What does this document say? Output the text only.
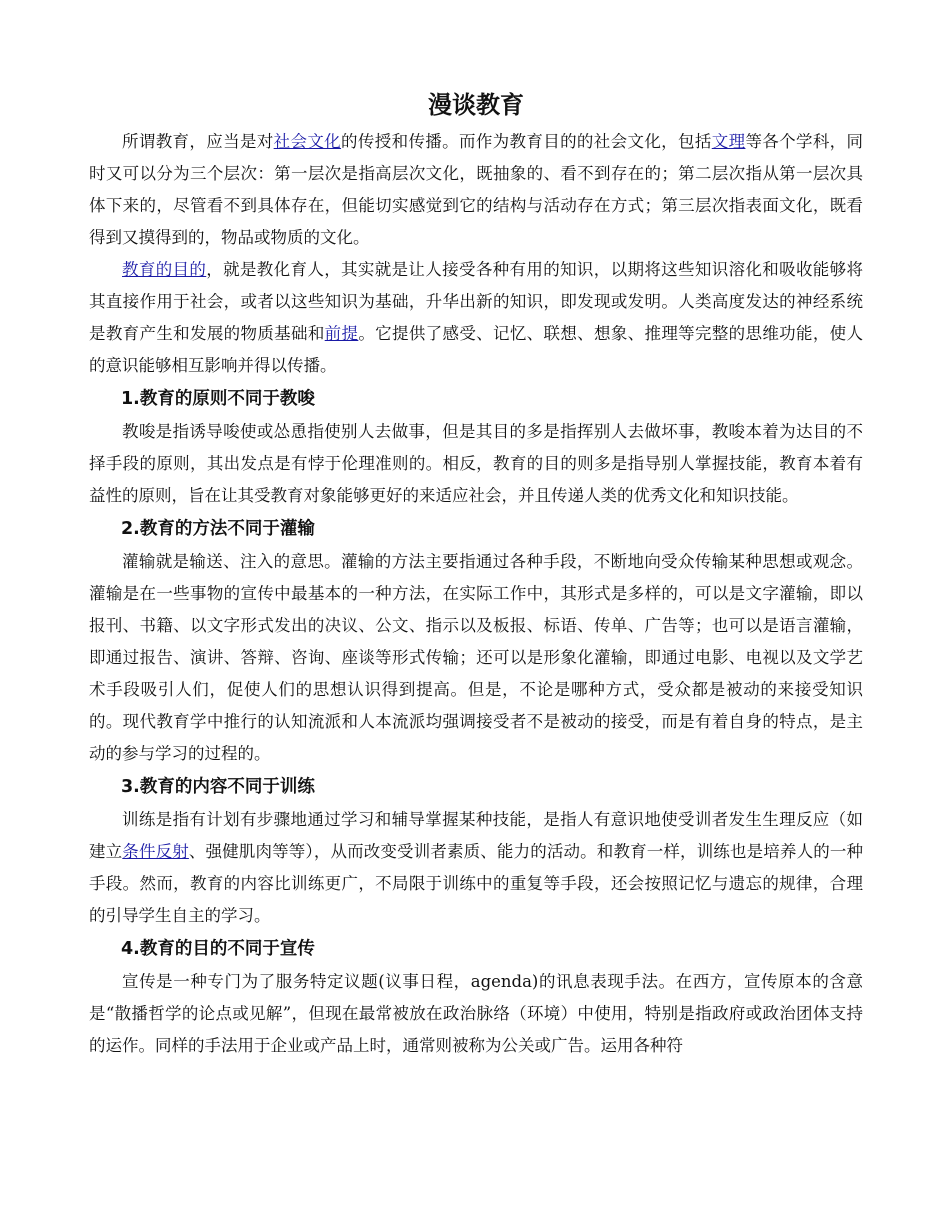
漫谈教育

所谓教育，应当是对社会文化的传授和传播。而作为教育目的的社会文化，包括文理等各个学科，同时又可以分为三个层次：第一层次是指高层次文化，既抽象的、看不到存在的；第二层次指从第一层次具体下来的，尽管看不到具体存在，但能切实感觉到它的结构与活动存在方式；第三层次指表面文化，既看得到又摸得到的，物品或物质的文化。

教育的目的，就是教化育人，其实就是让人接受各种有用的知识，以期将这些知识溶化和吸收能够将其直接作用于社会，或者以这些知识为基础，升华出新的知识，即发现或发明。人类高度发达的神经系统是教育产生和发展的物质基础和前提。它提供了感受、记忆、联想、想象、推理等完整的思维功能，使人的意识能够相互影响并得以传播。

1.教育的原则不同于教唆

教唆是指诱导唆使或怂恿指使别人去做事，但是其目的多是指挥别人去做坏事，教唆本着为达目的不择手段的原则，其出发点是有悖于伦理准则的。相反，教育的目的则多是指导别人掌握技能，教育本着有益性的原则，旨在让其受教育对象能够更好的来适应社会，并且传递人类的优秀文化和知识技能。

2.教育的方法不同于灌输

灌输就是输送、注入的意思。灌输的方法主要指通过各种手段，不断地向受众传输某种思想或观念。灌输是在一些事物的宣传中最基本的一种方法，在实际工作中，其形式是多样的，可以是文字灌输，即以报刊、书籍、以文字形式发出的决议、公文、指示以及板报、标语、传单、广告等；也可以是语言灌输，即通过报告、演讲、答辩、咨询、座谈等形式传输；还可以是形象化灌输，即通过电影、电视以及文学艺术手段吸引人们，促使人们的思想认识得到提高。但是，不论是哪种方式，受众都是被动的来接受知识的。现代教育学中推行的认知流派和人本流派均强调接受者不是被动的接受，而是有着自身的特点，是主动的参与学习的过程的。

3.教育的内容不同于训练

训练是指有计划有步骤地通过学习和辅导掌握某种技能，是指人有意识地使受训者发生生理反应（如建立条件反射、强健肌肉等等），从而改变受训者素质、能力的活动。和教育一样，训练也是培养人的一种手段。然而，教育的内容比训练更广，不局限于训练中的重复等手段，还会按照记忆与遗忘的规律，合理的引导学生自主的学习。

4.教育的目的不同于宣传

宣传是一种专门为了服务特定议题(议事日程，agenda)的讯息表现手法。在西方，宣传原本的含意是“散播哲学的论点或见解”，但现在最常被放在政治脉络（环境）中使用，特别是指政府或政治团体支持的运作。同样的手法用于企业或产品上时，通常则被称为公关或广告。运用各种符
